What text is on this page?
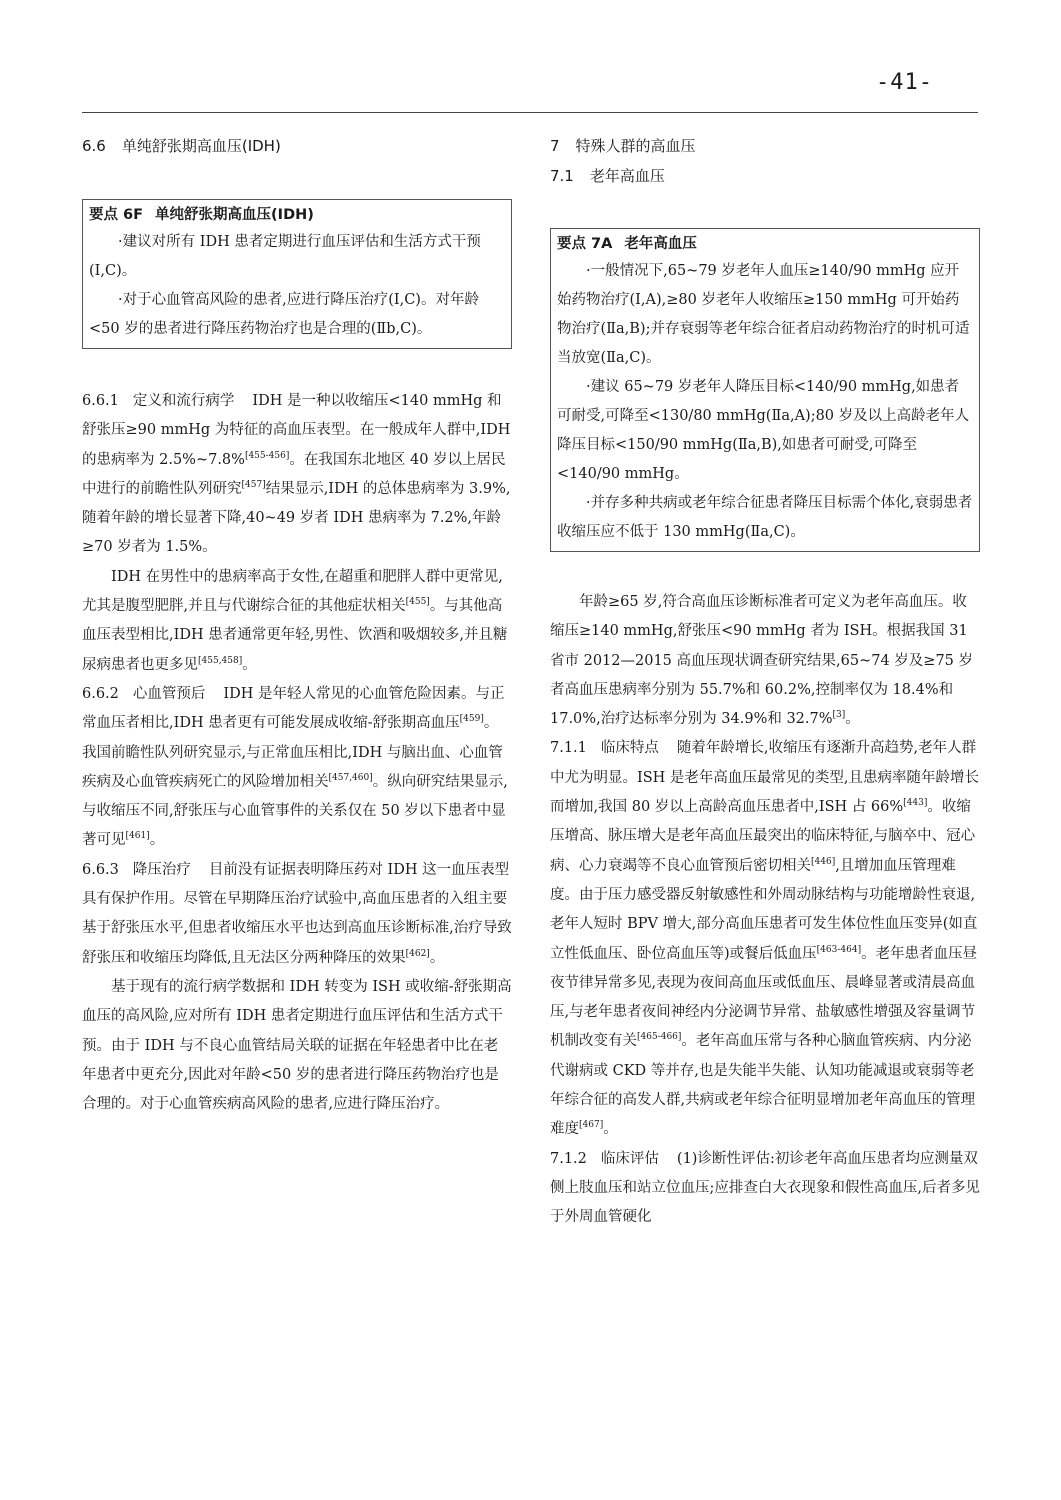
-41-
6.6 单纯舒张期高血压(IDH)
要点 6F 单纯舒张期高血压(IDH)

·建议对所有 IDH 患者定期进行血压评估和生活方式干预(Ⅰ,C)。

·对于心血管高风险的患者,应进行降压治疗(Ⅰ,C)。对年龄<50 岁的患者进行降压药物治疗也是合理的(Ⅱb,C)。

6.6.1 定义和流行病学 IDH 是一种以收缩压<140 mmHg 和舒张压≥90 mmHg 为特征的高血压表型。在一般成年人群中,IDH 的患病率为 2.5%~7.8%[455-456]。在我国东北地区 40 岁以上居民中进行的前瞻性队列研究[457]结果显示,IDH 的总体患病率为 3.9%,随着年龄的增长显著下降,40~49 岁者 IDH 患病率为 7.2%,年龄≥70 岁者为 1.5%。

IDH 在男性中的患病率高于女性,在超重和肥胖人群中更常见,尤其是腹型肥胖,并且与代谢综合征的其他症状相关[455]。与其他高血压表型相比,IDH 患者通常更年轻,男性、饮酒和吸烟较多,并且糖尿病患者也更多见[455,458]。

6.6.2 心血管预后 IDH 是年轻人常见的心血管危险因素。与正常血压者相比,IDH 患者更有可能发展成收缩-舒张期高血压[459]。我国前瞻性队列研究显示,与正常血压相比,IDH 与脑出血、心血管疾病及心血管疾病死亡的风险增加相关[457,460]。纵向研究结果显示,与收缩压不同,舒张压与心血管事件的关系仅在 50 岁以下患者中显著可见[461]。

6.6.3 降压治疗 目前没有证据表明降压药对 IDH 这一血压表型具有保护作用。尽管在早期降压治疗试验中,高血压患者的入组主要基于舒张压水平,但患者收缩压水平也达到高血压诊断标准,治疗导致舒张压和收缩压均降低,且无法区分两种降压的效果[462]。

基于现有的流行病学数据和 IDH 转变为 ISH 或收缩-舒张期高血压的高风险,应对所有 IDH 患者定期进行血压评估和生活方式干预。由于 IDH 与不良心血管结局关联的证据在年轻患者中比在老年患者中更充分,因此对年龄<50 岁的患者进行降压药物治疗也是合理的。对于心血管疾病高风险的患者,应进行降压治疗。

7 特殊人群的高血压
7.1 老年高血压
要点 7A 老年高血压

·一般情况下,65~79 岁老年人血压≥140/90 mmHg 应开始药物治疗(Ⅰ,A),≥80 岁老年人收缩压≥150 mmHg 可开始药物治疗(Ⅱa,B);并存衰弱等老年综合征者启动药物治疗的时机可适当放宽(Ⅱa,C)。

·建议 65~79 岁老年人降压目标<140/90 mmHg,如患者可耐受,可降至<130/80 mmHg(Ⅱa,A);80 岁及以上高龄老年人降压目标<150/90 mmHg(Ⅱa,B),如患者可耐受,可降至<140/90 mmHg。

·并存多种共病或老年综合征患者降压目标需个体化,衰弱患者收缩压应不低于 130 mmHg(Ⅱa,C)。

年龄≥65 岁,符合高血压诊断标准者可定义为老年高血压。收缩压≥140 mmHg,舒张压<90 mmHg 者为 ISH。根据我国 31 省市 2012—2015 高血压现状调查研究结果,65~74 岁及≥75 岁者高血压患病率分别为 55.7%和 60.2%,控制率仅为 18.4%和 17.0%,治疗达标率分别为 34.9%和 32.7%[3]。

7.1.1 临床特点 随着年龄增长,收缩压有逐渐升高趋势,老年人群中尤为明显。ISH 是老年高血压最常见的类型,且患病率随年龄增长而增加,我国 80 岁以上高龄高血压患者中,ISH 占 66%[443]。收缩压增高、脉压增大是老年高血压最突出的临床特征,与脑卒中、冠心病、心力衰竭等不良心血管预后密切相关[446],且增加血压管理难度。由于压力感受器反射敏感性和外周动脉结构与功能增龄性衰退,老年人短时 BPV 增大,部分高血压患者可发生体位性血压变异(如直立性低血压、卧位高血压等)或餐后低血压[463-464]。老年患者血压昼夜节律异常多见,表现为夜间高血压或低血压、晨峰显著或清晨高血压,与老年患者夜间神经内分泌调节异常、盐敏感性增强及容量调节机制改变有关[465-466]。老年高血压常与各种心脑血管疾病、内分泌代谢病或 CKD 等并存,也是失能半失能、认知功能减退或衰弱等老年综合征的高发人群,共病或老年综合征明显增加老年高血压的管理难度[467]。

7.1.2 临床评估 (1)诊断性评估:初诊老年高血压患者均应测量双侧上肢血压和站立位血压;应排查白大衣现象和假性高血压,后者多见于外周血管硬化
